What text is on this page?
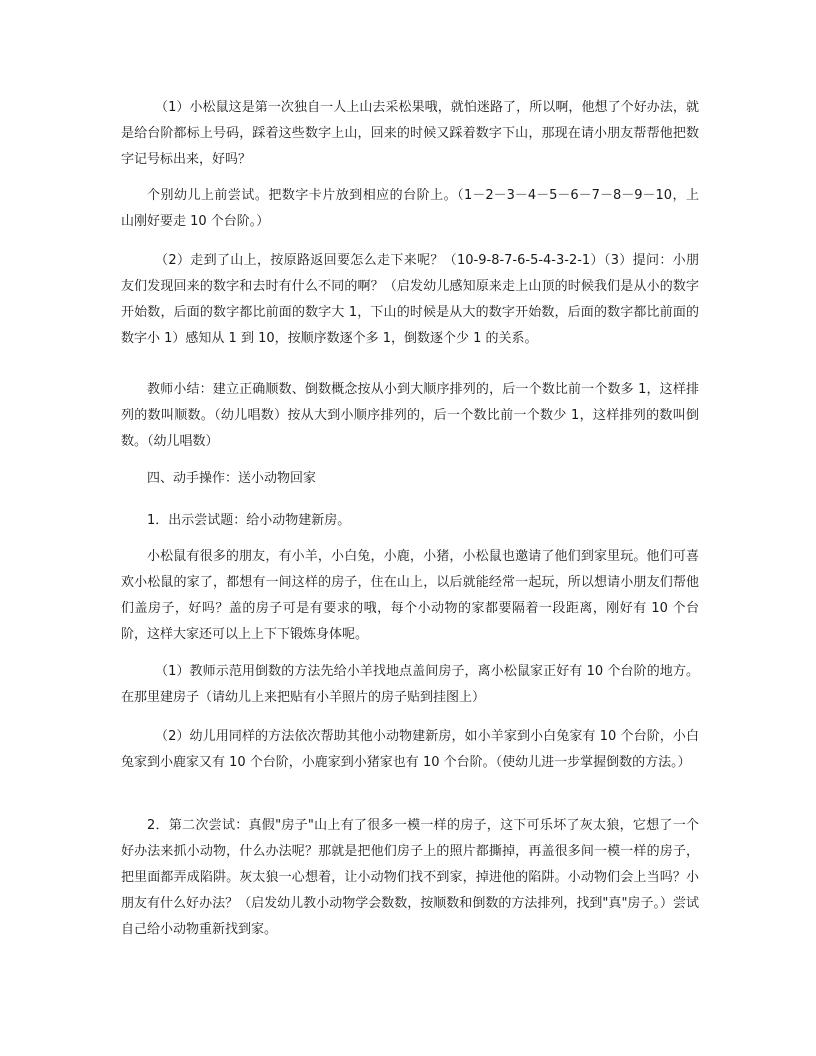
（1）小松鼠这是第一次独自一人上山去采松果哦，就怕迷路了，所以啊，他想了个好办法，就是给台阶都标上号码，踩着这些数字上山，回来的时候又踩着数字下山，那现在请小朋友帮帮他把数字记号标出来，好吗？

个别幼儿上前尝试。把数字卡片放到相应的台阶上。（1－2－3－4－5－6－7－8－9－10，上山刚好要走 10 个台阶。）

（2）走到了山上，按原路返回要怎么走下来呢？（10-9-8-7-6-5-4-3-2-1）（3）提问：小朋友们发现回来的数字和去时有什么不同的啊？（启发幼儿感知原来走上山顶的时候我们是从小的数字开始数，后面的数字都比前面的数字大 1，下山的时候是从大的数字开始数，后面的数字都比前面的数字小 1）感知从 1 到 10，按顺序数逐个多 1，倒数逐个少 1 的关系。

教师小结：建立正确顺数、倒数概念按从小到大顺序排列的，后一个数比前一个数多 1，这样排列的数叫顺数。（幼儿唱数）按从大到小顺序排列的，后一个数比前一个数少 1，这样排列的数叫倒数。（幼儿唱数）

四、动手操作：送小动物回家

1．出示尝试题：给小动物建新房。

小松鼠有很多的朋友，有小羊，小白兔，小鹿，小猪，小松鼠也邀请了他们到家里玩。他们可喜欢小松鼠的家了，都想有一间这样的房子，住在山上，以后就能经常一起玩，所以想请小朋友们帮他们盖房子，好吗？盖的房子可是有要求的哦，每个小动物的家都要隔着一段距离，刚好有 10 个台阶，这样大家还可以上上下下锻炼身体呢。

（1）教师示范用倒数的方法先给小羊找地点盖间房子，离小松鼠家正好有 10 个台阶的地方。在那里建房子（请幼儿上来把贴有小羊照片的房子贴到挂图上）

（2）幼儿用同样的方法依次帮助其他小动物建新房，如小羊家到小白兔家有 10 个台阶，小白兔家到小鹿家又有 10 个台阶，小鹿家到小猪家也有 10 个台阶。（使幼儿进一步掌握倒数的方法。）

2．第二次尝试：真假"房子"山上有了很多一模一样的房子，这下可乐坏了灰太狼，它想了一个好办法来抓小动物，什么办法呢？那就是把他们房子上的照片都撕掉，再盖很多间一模一样的房子，把里面都弄成陷阱。灰太狼一心想着，让小动物们找不到家，掉进他的陷阱。小动物们会上当吗？小朋友有什么好办法？（启发幼儿教小动物学会数数，按顺数和倒数的方法排列，找到"真"房子。）尝试自己给小动物重新找到家。
